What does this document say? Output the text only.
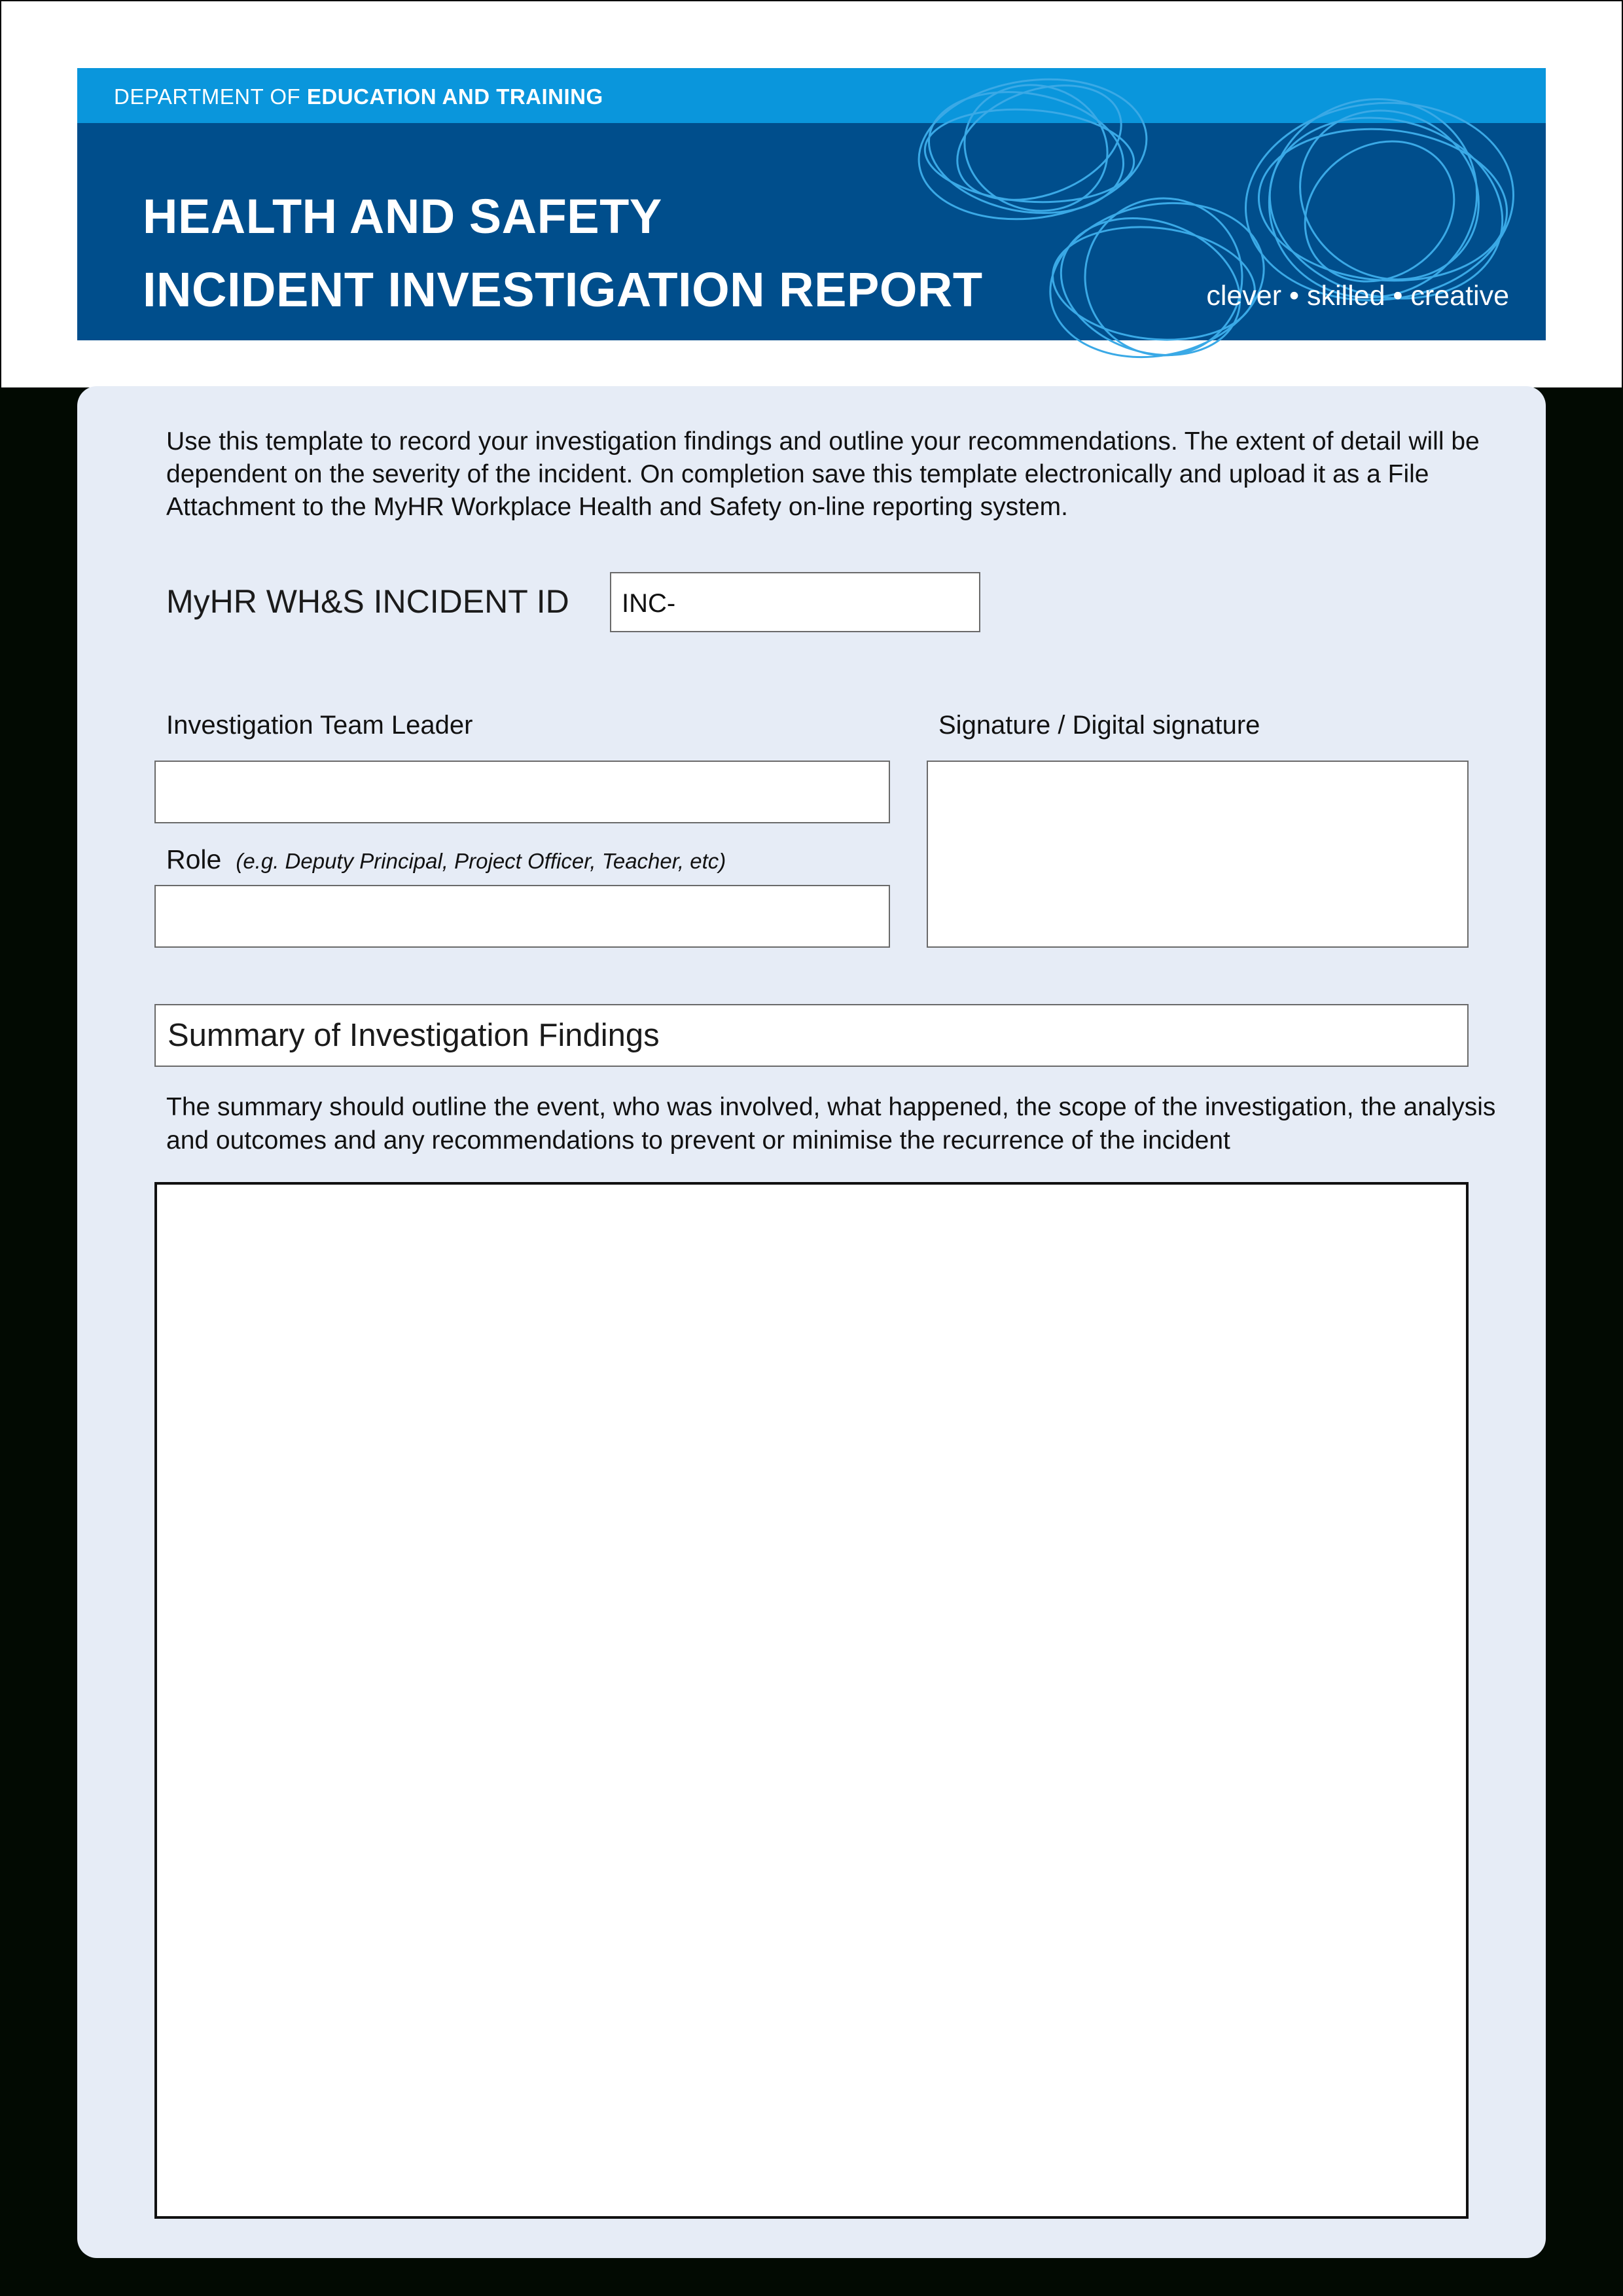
DEPARTMENT OF EDUCATION AND TRAINING
HEALTH AND SAFETY
INCIDENT INVESTIGATION REPORT	clever • skilled • creative

Use this template to record your investigation findings and outline your recommendations. The extent of detail will be dependent on the severity of the incident. On completion save this template electronically and upload it as a File Attachment to the MyHR Workplace Health and Safety on-line reporting system.

MyHR WH&S INCIDENT ID	INC-
Investigation Team Leader
Role (e.g. Deputy Principal, Project Officer, Teacher, etc)
Signature / Digital signature
Summary of Investigation Findings

The summary should outline the event, who was involved, what happened, the scope of the investigation, the analysis and outcomes and any recommendations to prevent or minimise the recurrence of the incident
